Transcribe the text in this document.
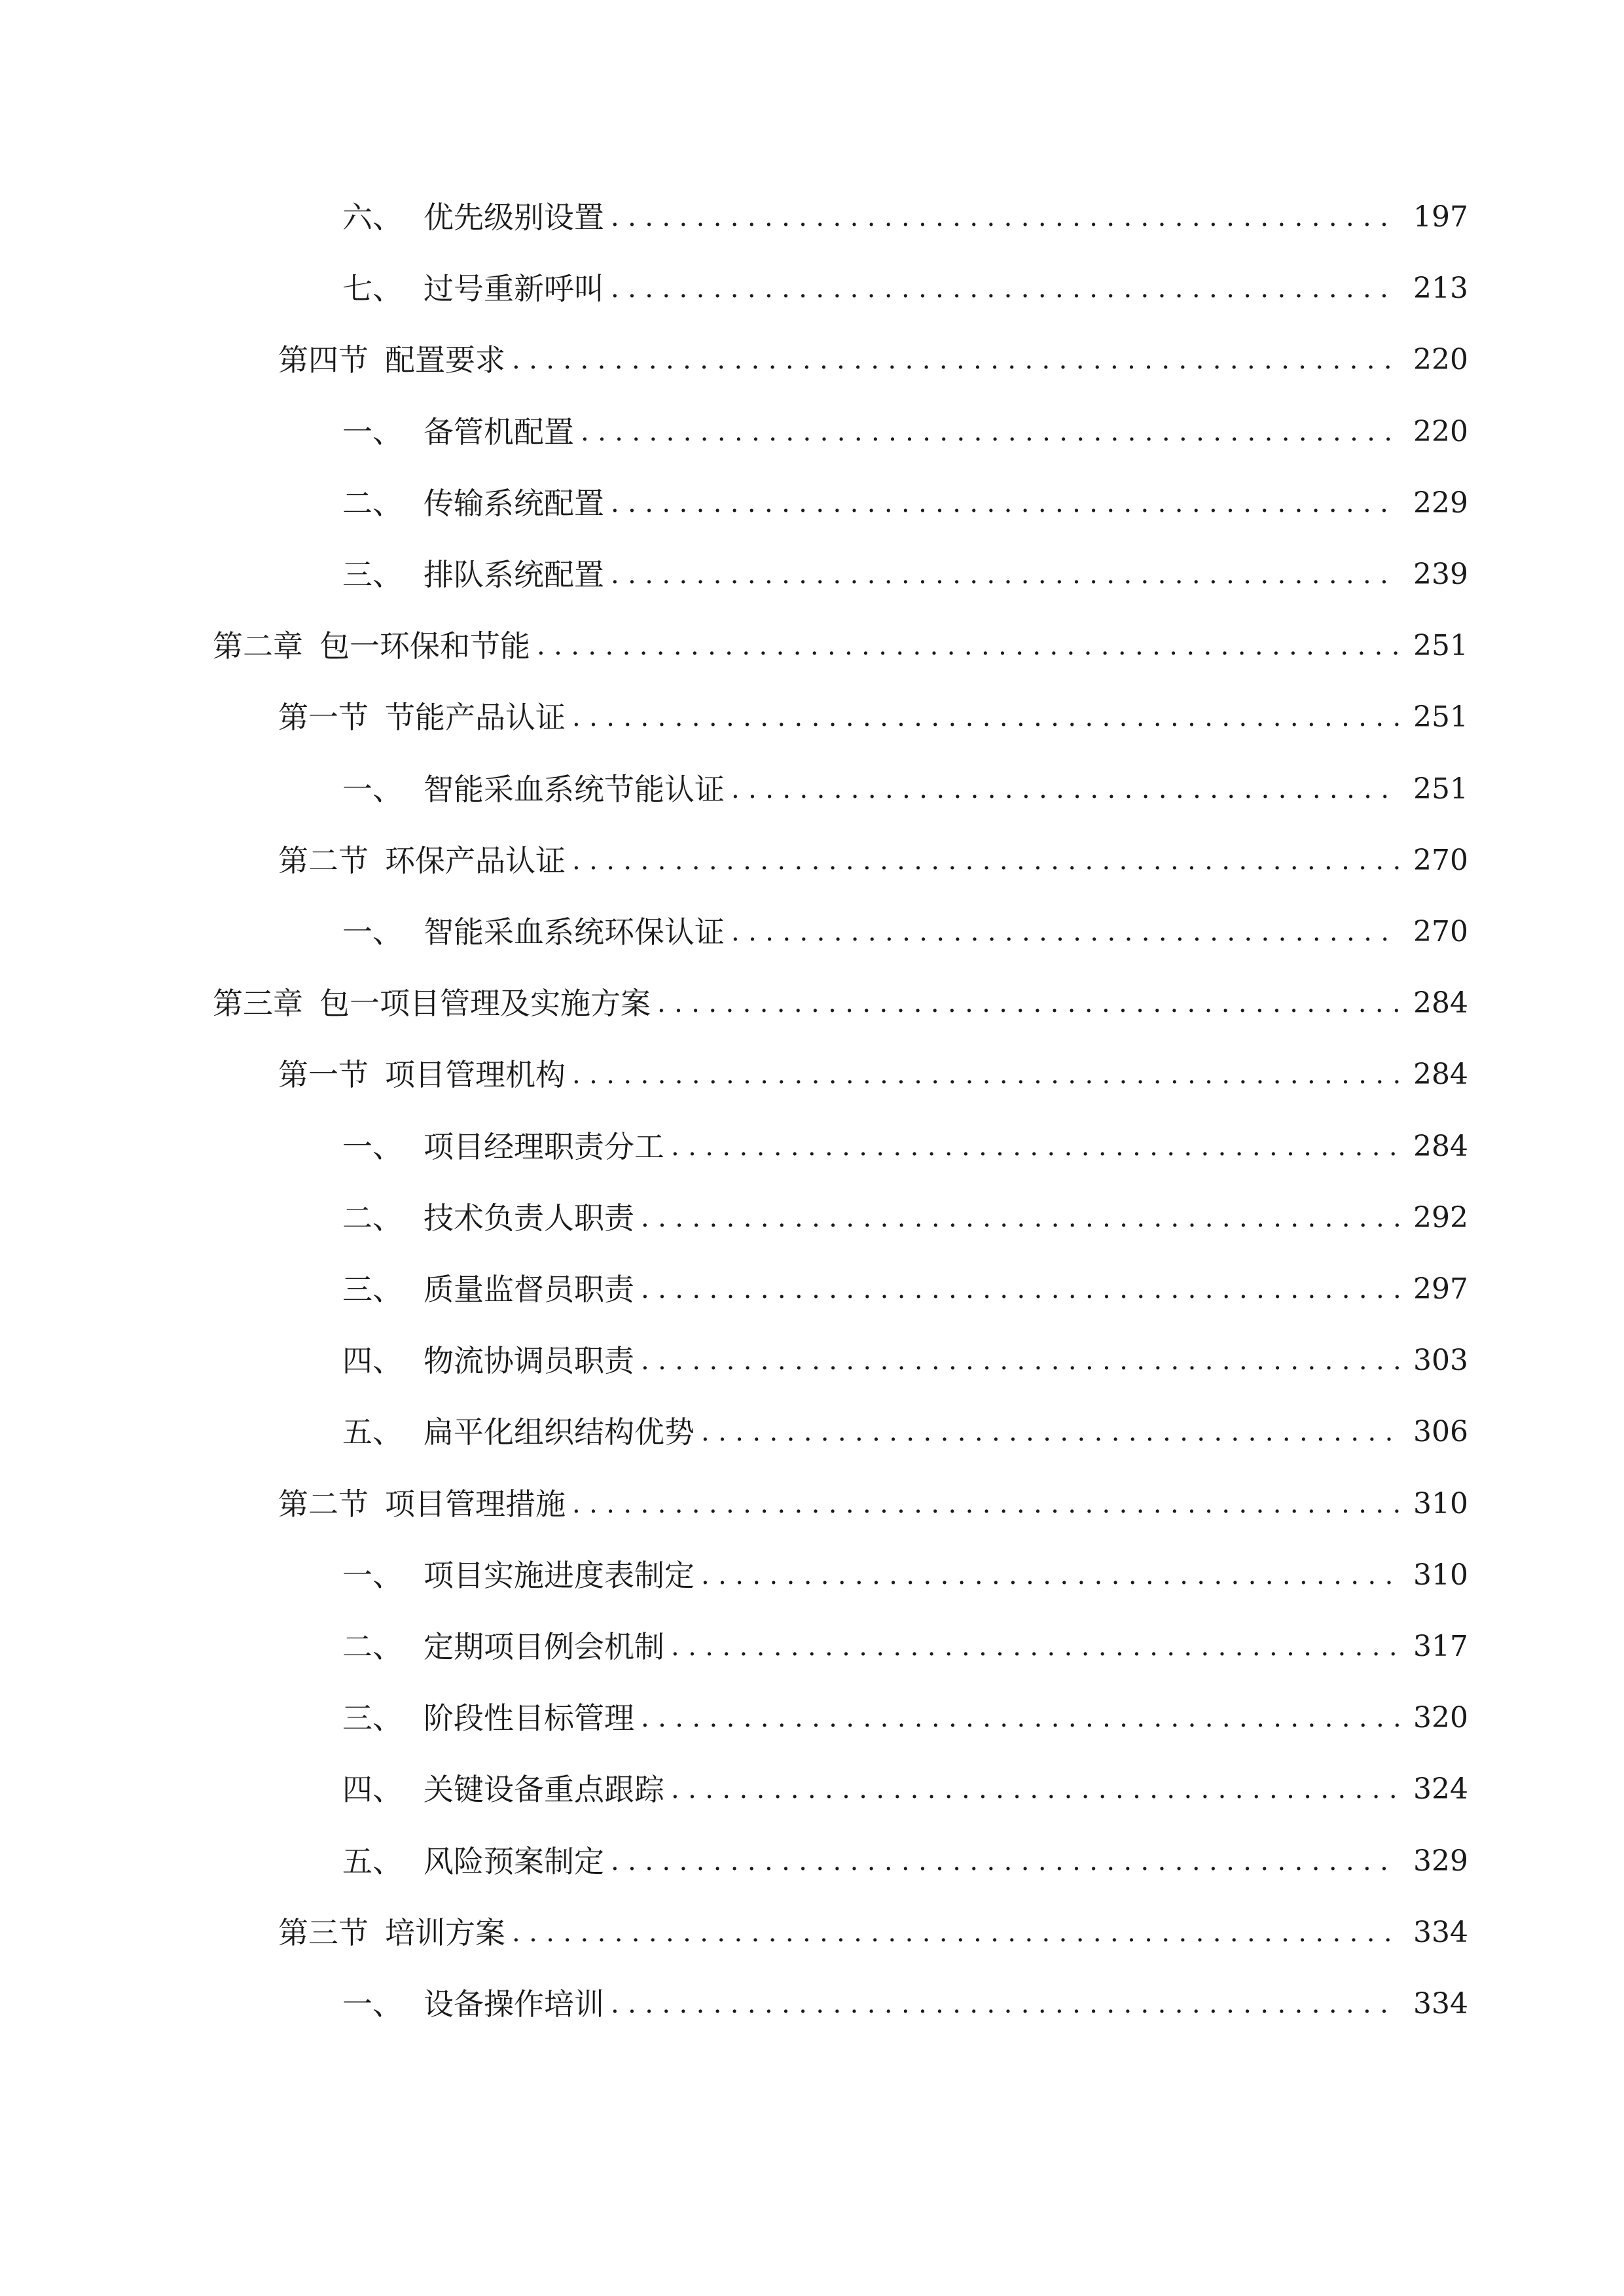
六、 优先级别设置 .....	197
七、 过号重新呼叫 .....	213
第四节 配置要求 .....	220
一、 备管机配置 .....	220
二、 传输系统配置 .....	229
三、 排队系统配置 .....	239
第二章 包一环保和节能 .....	251
第一节 节能产品认证 .....	251
一、 智能采血系统节能认证 .....	251
第二节 环保产品认证 .....	270
一、 智能采血系统环保认证 .....	270
第三章 包一项目管理及实施方案 .....	284
第一节 项目管理机构 .....	284
一、 项目经理职责分工 .....	284
二、 技术负责人职责 .....	292
三、 质量监督员职责 .....	297
四、 物流协调员职责 .....	303
五、 扁平化组织结构优势 .....	306
第二节 项目管理措施 .....	310
一、 项目实施进度表制定 .....	310
二、 定期项目例会机制 .....	317
三、 阶段性目标管理 .....	320
四、 关键设备重点跟踪 .....	324
五、 风险预案制定 .....	329
第三节 培训方案 .....	334
一、 设备操作培训 .....	334
